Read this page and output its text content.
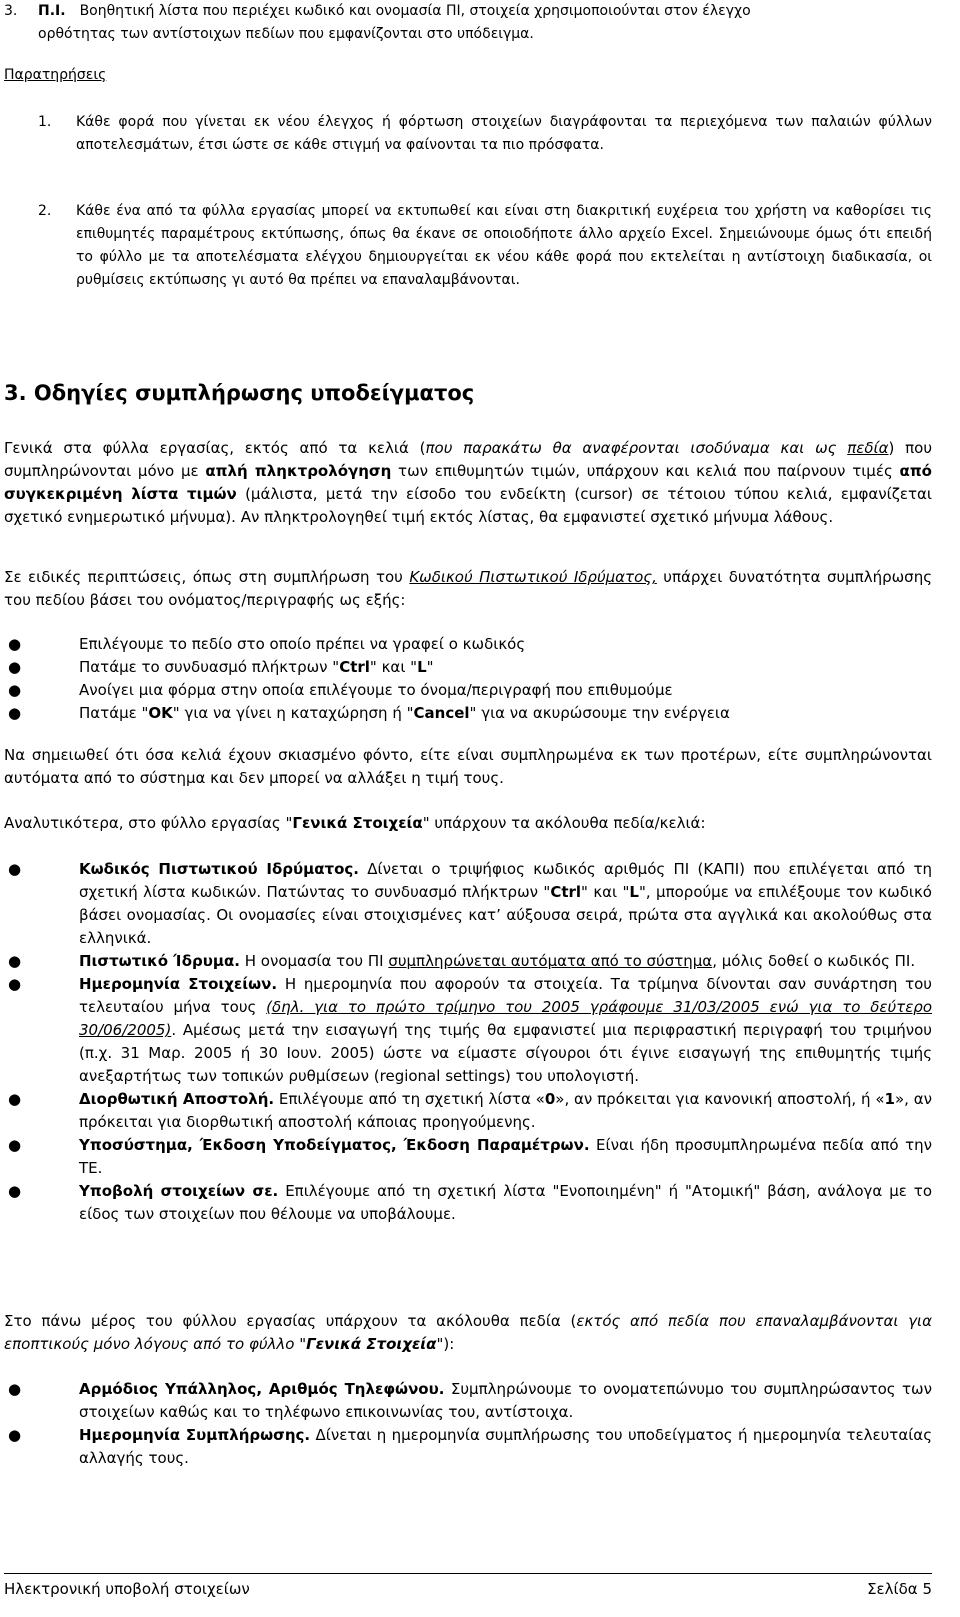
3.	Π.Ι. Βοηθητική λίστα που περιέχει κωδικό και ονομασία ΠΙ, στοιχεία χρησιμοποιούνται στον έλεγχο
ορθότητας των αντίστοιχων πεδίων που εμφανίζονται στο υπόδειγμα.
Παρατηρήσεις
1.	Κάθε φορά που γίνεται εκ νέου έλεγχος ή φόρτωση στοιχείων διαγράφονται τα περιεχόμενα των παλαιών φύλλων αποτελεσμάτων, έτσι ώστε σε κάθε στιγμή να φαίνονται τα πιο πρόσφατα.
2.	Κάθε ένα από τα φύλλα εργασίας μπορεί να εκτυπωθεί και είναι στη διακριτική ευχέρεια του χρήστη να καθορίσει τις επιθυμητές παραμέτρους εκτύπωσης, όπως θα έκανε σε οποιοδήποτε άλλο αρχείο Excel. Σημειώνουμε όμως ότι επειδή το φύλλο με τα αποτελέσματα ελέγχου δημιουργείται εκ νέου κάθε φορά που εκτελείται η αντίστοιχη διαδικασία, οι ρυθμίσεις εκτύπωσης γι αυτό θα πρέπει να επαναλαμβάνονται.
3. Οδηγίες συμπλήρωσης υποδείγματος
Γενικά στα φύλλα εργασίας, εκτός από τα κελιά (που παρακάτω θα αναφέρονται ισοδύναμα και ως πεδία) που συμπληρώνονται μόνο με απλή πληκτρολόγηση των επιθυμητών τιμών, υπάρχουν και κελιά που παίρνουν τιμές από συγκεκριμένη λίστα τιμών (μάλιστα, μετά την είσοδο του ενδείκτη (cursor) σε τέτοιου τύπου κελιά, εμφανίζεται σχετικό ενημερωτικό μήνυμα). Αν πληκτρολογηθεί τιμή εκτός λίστας, θα εμφανιστεί σχετικό μήνυμα λάθους.
Σε ειδικές περιπτώσεις, όπως στη συμπλήρωση του Κωδικού Πιστωτικού Ιδρύματος, υπάρχει δυνατότητα συμπλήρωσης του πεδίου βάσει του ονόματος/περιγραφής ως εξής:
●	Επιλέγουμε το πεδίο στο οποίο πρέπει να γραφεί ο κωδικός
●	Πατάμε το συνδυασμό πλήκτρων "Ctrl" και "L"
●	Ανοίγει μια φόρμα στην οποία επιλέγουμε το όνομα/περιγραφή που επιθυμούμε
●	Πατάμε "ΟΚ" για να γίνει η καταχώρηση ή "Cancel" για να ακυρώσουμε την ενέργεια
Να σημειωθεί ότι όσα κελιά έχουν σκιασμένο φόντο, είτε είναι συμπληρωμένα εκ των προτέρων, είτε συμπληρώνονται αυτόματα από το σύστημα και δεν μπορεί να αλλάξει η τιμή τους.
Αναλυτικότερα, στο φύλλο εργασίας "Γενικά Στοιχεία" υπάρχουν τα ακόλουθα πεδία/κελιά:
●	Κωδικός Πιστωτικού Ιδρύματος. Δίνεται ο τριψήφιος κωδικός αριθμός ΠΙ (ΚΑΠΙ) που επιλέγεται από τη σχετική λίστα κωδικών. Πατώντας το συνδυασμό πλήκτρων "Ctrl" και "L", μπορούμε να επιλέξουμε τον κωδικό βάσει ονομασίας. Οι ονομασίες είναι στοιχισμένες κατ’ αύξουσα σειρά, πρώτα στα αγγλικά και ακολούθως στα ελληνικά.
●	Πιστωτικό Ίδρυμα. Η ονομασία του ΠΙ συμπληρώνεται αυτόματα από το σύστημα, μόλις δοθεί ο κωδικός ΠΙ.
●	Ημερομηνία Στοιχείων. Η ημερομηνία που αφορούν τα στοιχεία. Τα τρίμηνα δίνονται σαν συνάρτηση του τελευταίου μήνα τους (δηλ. για το πρώτο τρίμηνο του 2005 γράφουμε 31/03/2005 ενώ για το δεύτερο 30/06/2005). Αμέσως μετά την εισαγωγή της τιμής θα εμφανιστεί μια περιφραστική περιγραφή του τριμήνου (π.χ. 31 Μαρ. 2005 ή 30 Ιουν. 2005) ώστε να είμαστε σίγουροι ότι έγινε εισαγωγή της επιθυμητής τιμής ανεξαρτήτως των τοπικών ρυθμίσεων (regional settings) του υπολογιστή.
●	Διορθωτική Αποστολή. Επιλέγουμε από τη σχετική λίστα «0», αν πρόκειται για κανονική αποστολή, ή «1», αν πρόκειται για διορθωτική αποστολή κάποιας προηγούμενης.
●	Υποσύστημα, Έκδοση Υποδείγματος, Έκδοση Παραμέτρων. Είναι ήδη προσυμπληρωμένα πεδία από την ΤΕ.
●	Υποβολή στοιχείων σε. Επιλέγουμε από τη σχετική λίστα "Ενοποιημένη" ή "Ατομική" βάση, ανάλογα με το είδος των στοιχείων που θέλουμε να υποβάλουμε.
Στο πάνω μέρος του φύλλου εργασίας υπάρχουν τα ακόλουθα πεδία (εκτός από πεδία που επαναλαμβάνονται για εποπτικούς μόνο λόγους από το φύλλο "Γενικά Στοιχεία"):
●	Αρμόδιος Υπάλληλος, Αριθμός Τηλεφώνου. Συμπληρώνουμε το ονοματεπώνυμο του συμπληρώσαντος των στοιχείων καθώς και το τηλέφωνο επικοινωνίας του, αντίστοιχα.
●	Ημερομηνία Συμπλήρωσης. Δίνεται η ημερομηνία συμπλήρωσης του υποδείγματος ή ημερομηνία τελευταίας αλλαγής τους.
Ηλεκτρονική υποβολή στοιχείων	Σελίδα 5
